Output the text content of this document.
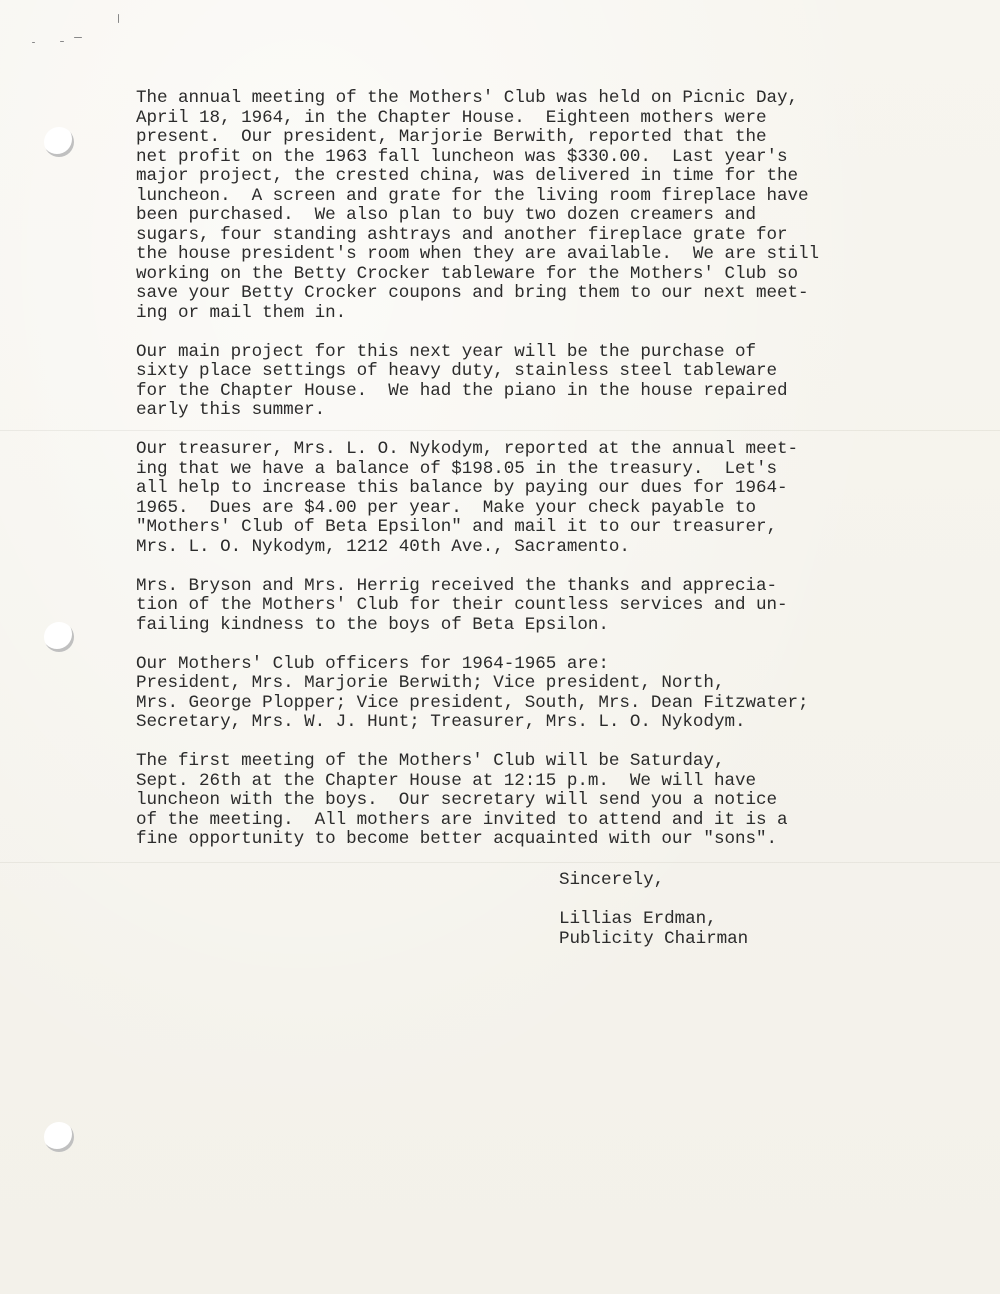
The annual meeting of the Mothers' Club was held on Picnic Day,
April 18, 1964, in the Chapter House.  Eighteen mothers were
present.  Our president, Marjorie Berwith, reported that the
net profit on the 1963 fall luncheon was $330.00.  Last year's
major project, the crested china, was delivered in time for the
luncheon.  A screen and grate for the living room fireplace have
been purchased.  We also plan to buy two dozen creamers and
sugars, four standing ashtrays and another fireplace grate for
the house president's room when they are available.  We are still
working on the Betty Crocker tableware for the Mothers' Club so
save your Betty Crocker coupons and bring them to our next meet-
ing or mail them in.
Our main project for this next year will be the purchase of
sixty place settings of heavy duty, stainless steel tableware
for the Chapter House.  We had the piano in the house repaired
early this summer.
Our treasurer, Mrs. L. O. Nykodym, reported at the annual meet-
ing that we have a balance of $198.05 in the treasury.  Let's
all help to increase this balance by paying our dues for 1964-
1965.  Dues are $4.00 per year.  Make your check payable to
"Mothers' Club of Beta Epsilon" and mail it to our treasurer,
Mrs. L. O. Nykodym, 1212 40th Ave., Sacramento.
Mrs. Bryson and Mrs. Herrig received the thanks and apprecia-
tion of the Mothers' Club for their countless services and un-
failing kindness to the boys of Beta Epsilon.
Our Mothers' Club officers for 1964-1965 are:
President, Mrs. Marjorie Berwith; Vice president, North,
Mrs. George Plopper; Vice president, South, Mrs. Dean Fitzwater;
Secretary, Mrs. W. J. Hunt; Treasurer, Mrs. L. O. Nykodym.
The first meeting of the Mothers' Club will be Saturday,
Sept. 26th at the Chapter House at 12:15 p.m.  We will have
luncheon with the boys.  Our secretary will send you a notice
of the meeting.  All mothers are invited to attend and it is a
fine opportunity to become better acquainted with our "sons".
Sincerely,
Lillias Erdman,
Publicity Chairman
